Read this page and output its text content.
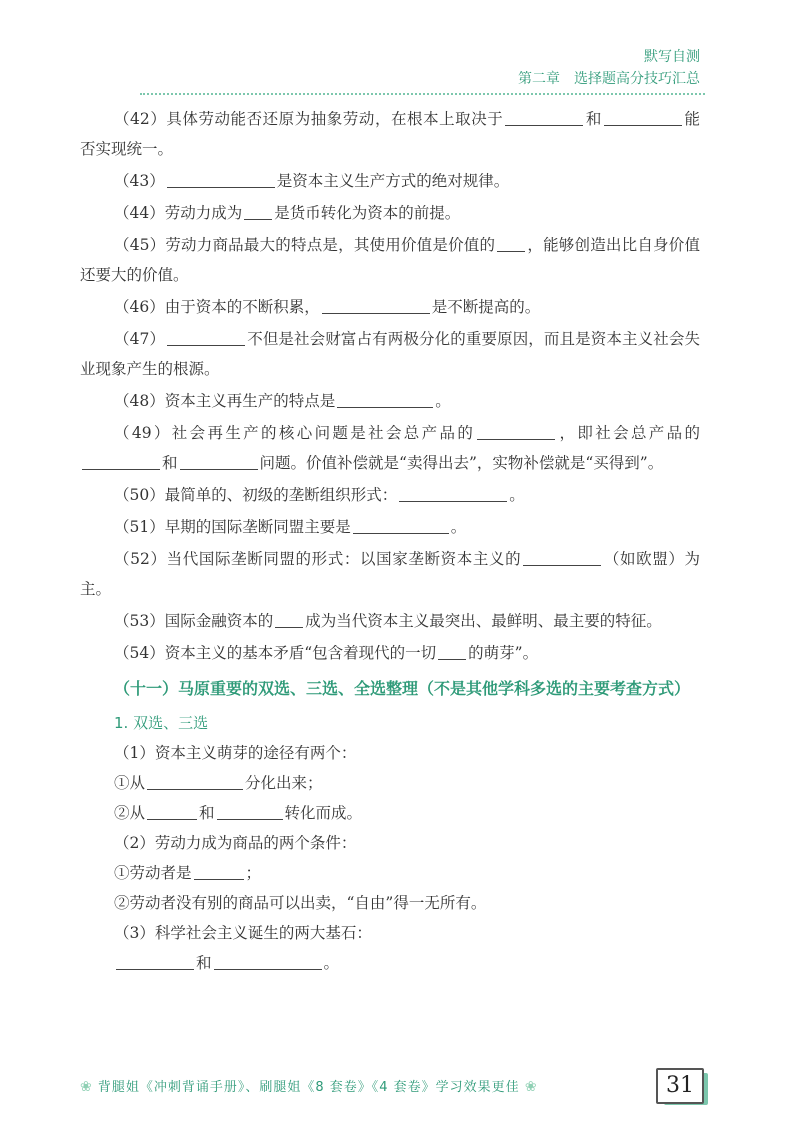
默写自测
第二章　选择题高分技巧汇总

（42）具体劳动能否还原为抽象劳动，在根本上取决于	和	能否实现统一。

（43）	是资本主义生产方式的绝对规律。

（44）劳动力成为 是货币转化为资本的前提。

（45）劳动力商品最大的特点是，其使用价值是价值的 ，能够创造出比自身价值还要大的价值。

（46）由于资本的不断积累，	是不断提高的。

（47）	不但是社会财富占有两极分化的重要原因，而且是资本主义社会失业现象产生的根源。

（48）资本主义再生产的特点是	。

（49）社会再生产的核心问题是社会总产品的	，即社会总产品的和	问题。价值补偿就是“卖得出去”，实物补偿就是“买得到”。

（50）最简单的、初级的垄断组织形式：	。

（51）早期的国际垄断同盟主要是	。

（52）当代国际垄断同盟的形式：以国家垄断资本主义的	（如欧盟）为主。

（53）国际金融资本的 成为当代资本主义最突出、最鲜明、最主要的特征。

（54）资本主义的基本矛盾“包含着现代的一切 的萌芽”。

（十一）马原重要的双选、三选、全选整理（不是其他学科多选的主要考查方式）
1. 双选、三选

（1）资本主义萌芽的途径有两个：

①从	分化出来；

②从	和	转化而成。

（2）劳动力成为商品的两个条件：

①劳动者是	；

②劳动者没有别的商品可以出卖，“自由”得一无所有。

（3）科学社会主义诞生的两大基石：

和	。

❀ 背腿姐《冲刺背诵手册》、刷腿姐《8 套卷》《4 套卷》学习效果更佳 ❀	31
